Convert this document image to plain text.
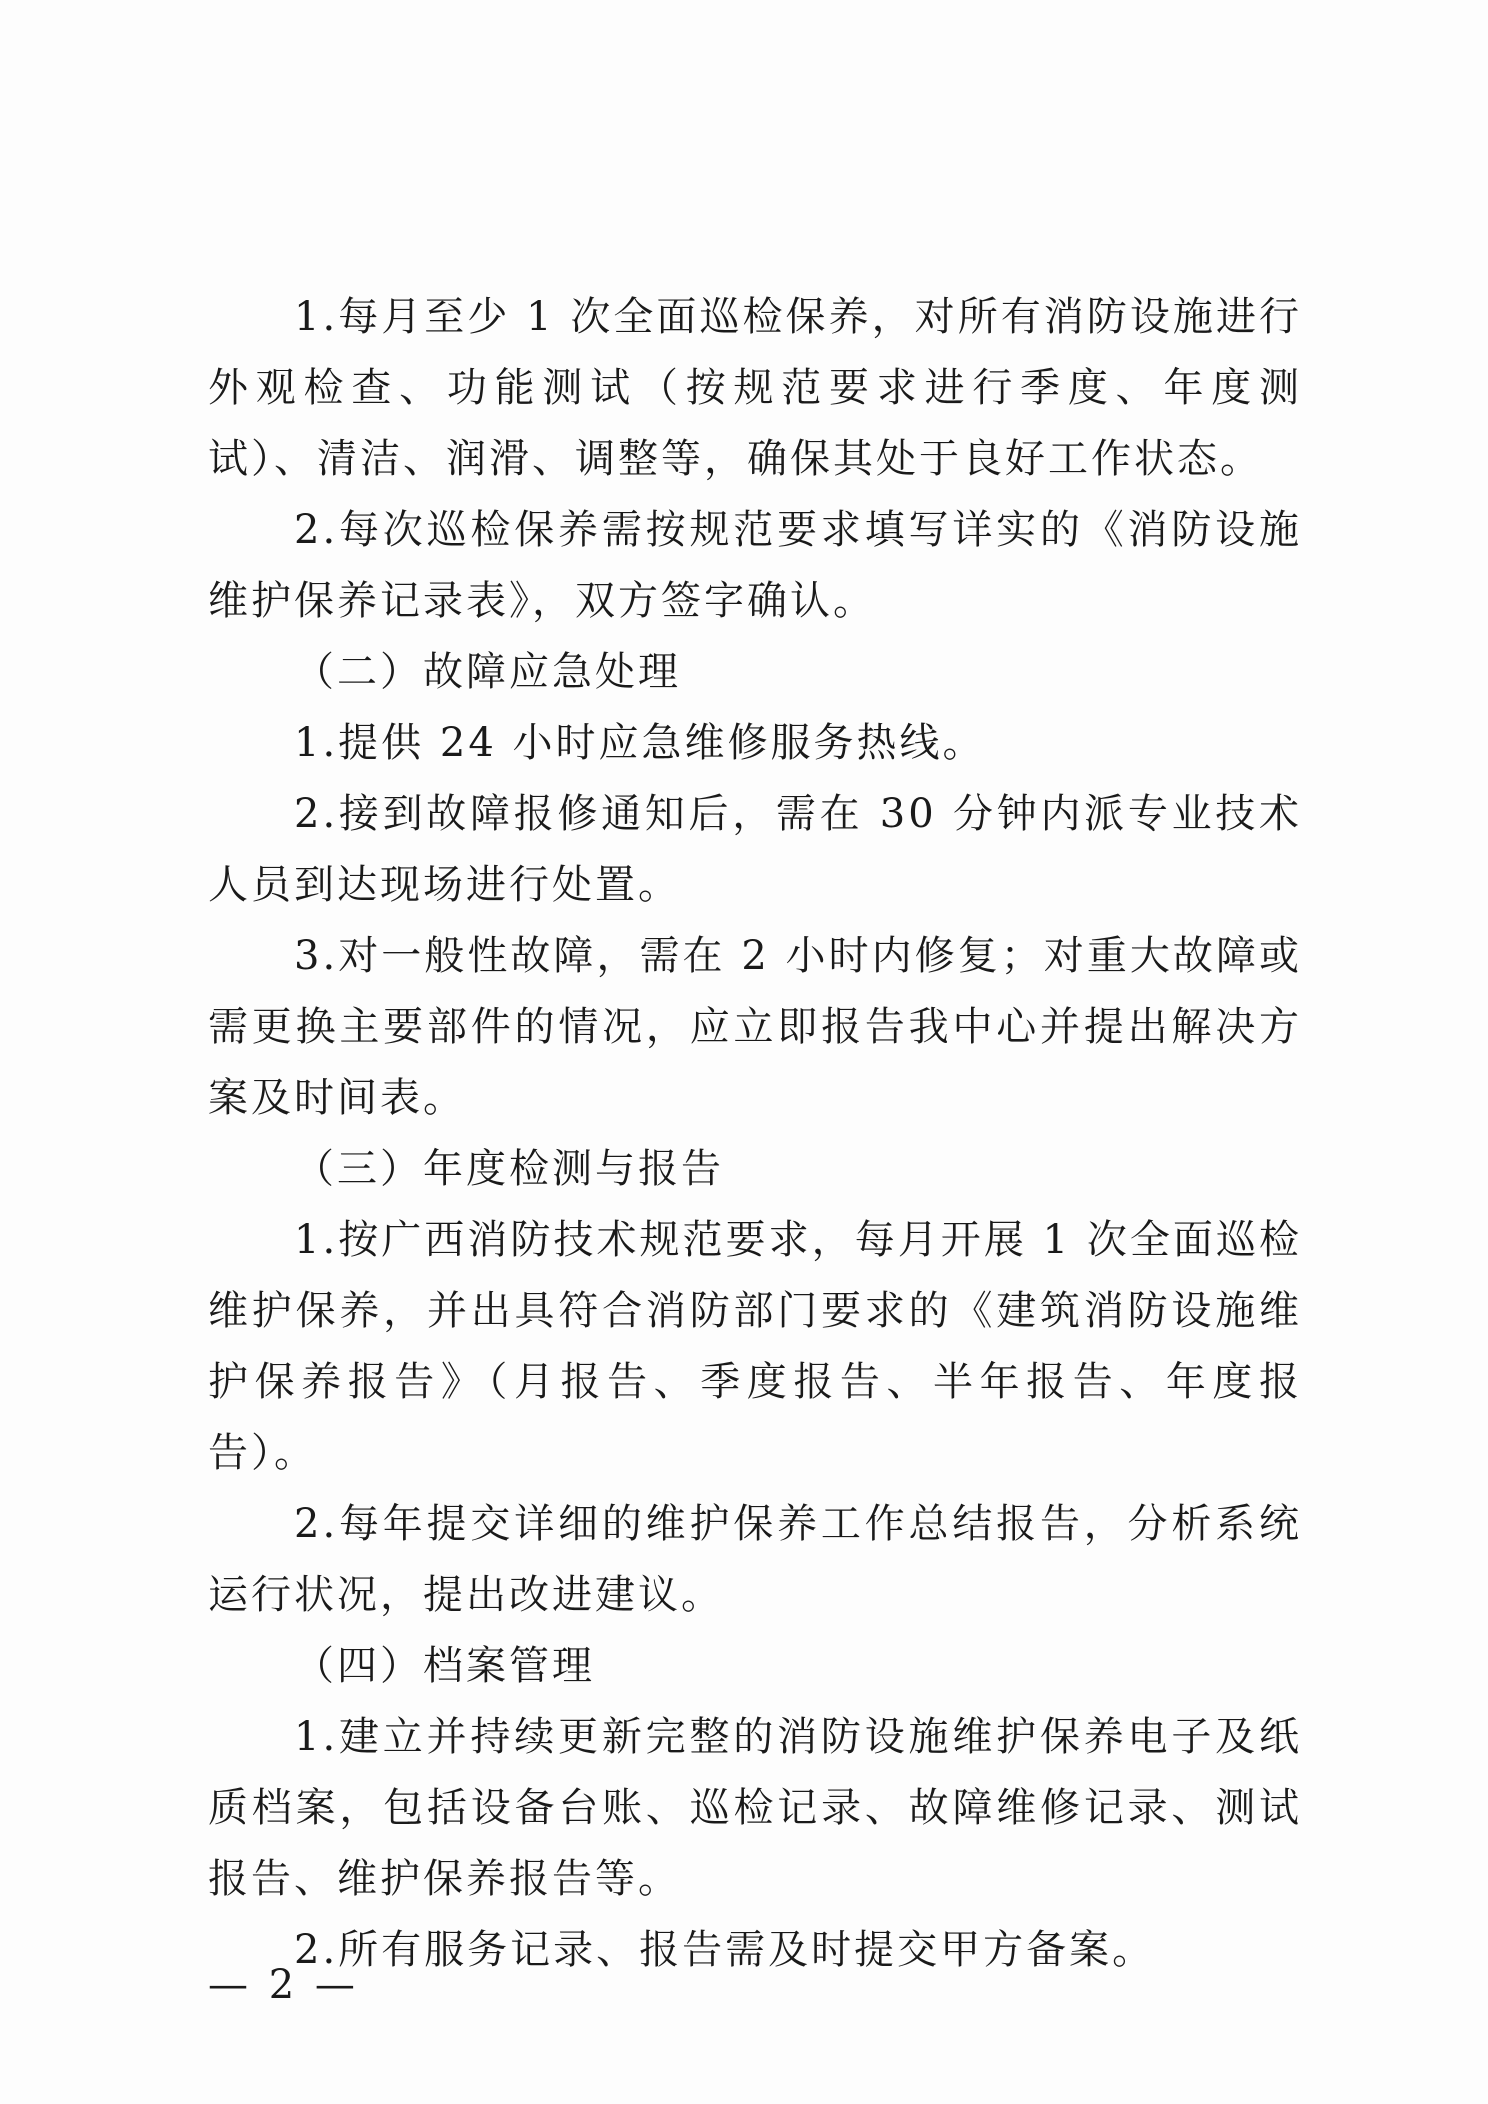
1.每月至少 1 次全面巡检保养，对所有消防设施进行外观检查、功能测试（按规范要求进行季度、年度测试）、清洁、润滑、调整等，确保其处于良好工作状态。

2.每次巡检保养需按规范要求填写详实的《消防设施维护保养记录表》，双方签字确认。

（二）故障应急处理

1.提供 24 小时应急维修服务热线。

2.接到故障报修通知后，需在 30 分钟内派专业技术人员到达现场进行处置。

3.对一般性故障，需在 2 小时内修复；对重大故障或需更换主要部件的情况，应立即报告我中心并提出解决方案及时间表。

（三）年度检测与报告

1.按广西消防技术规范要求，每月开展 1 次全面巡检维护保养，并出具符合消防部门要求的《建筑消防设施维护保养报告》（月报告、季度报告、半年报告、年度报告）。

2.每年提交详细的维护保养工作总结报告，分析系统运行状况，提出改进建议。

（四）档案管理

1.建立并持续更新完整的消防设施维护保养电子及纸质档案，包括设备台账、巡检记录、故障维修记录、测试报告、维护保养报告等。

2.所有服务记录、报告需及时提交甲方备案。

— 2 —
